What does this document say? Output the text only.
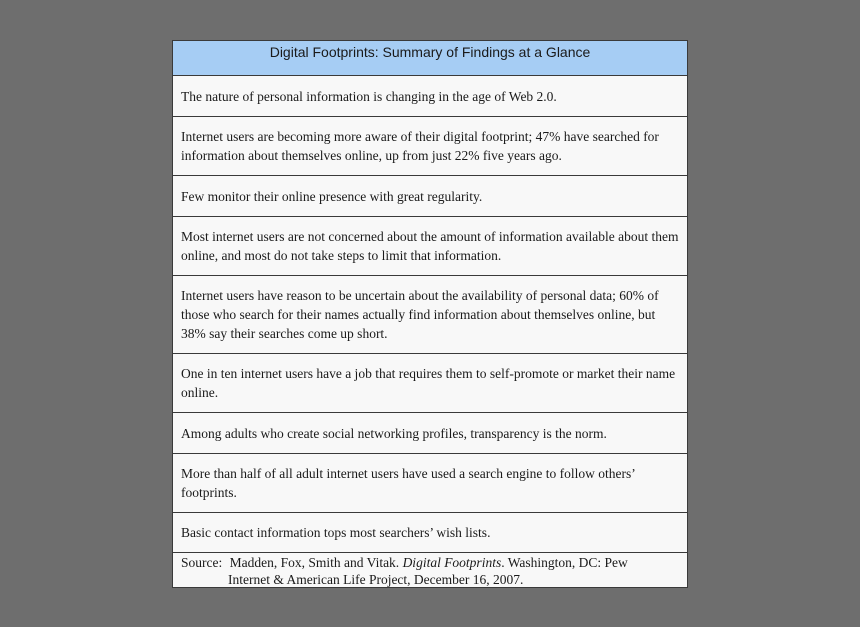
Digital Footprints: Summary of Findings at a Glance
The nature of personal information is changing in the age of Web 2.0.
Internet users are becoming more aware of their digital footprint; 47% have searched for information about themselves online, up from just 22% five years ago.
Few monitor their online presence with great regularity.
Most internet users are not concerned about the amount of information available about them online, and most do not take steps to limit that information.
Internet users have reason to be uncertain about the availability of personal data; 60% of those who search for their names actually find information about themselves online, but 38% say their searches come up short.
One in ten internet users have a job that requires them to self-promote or market their name online.
Among adults who create social networking profiles, transparency is the norm.
More than half of all adult internet users have used a search engine to follow others’ footprints.
Basic contact information tops most searchers’ wish lists.
Source: Madden, Fox, Smith and Vitak. Digital Footprints. Washington, DC: Pew
Internet & American Life Project, December 16, 2007.
